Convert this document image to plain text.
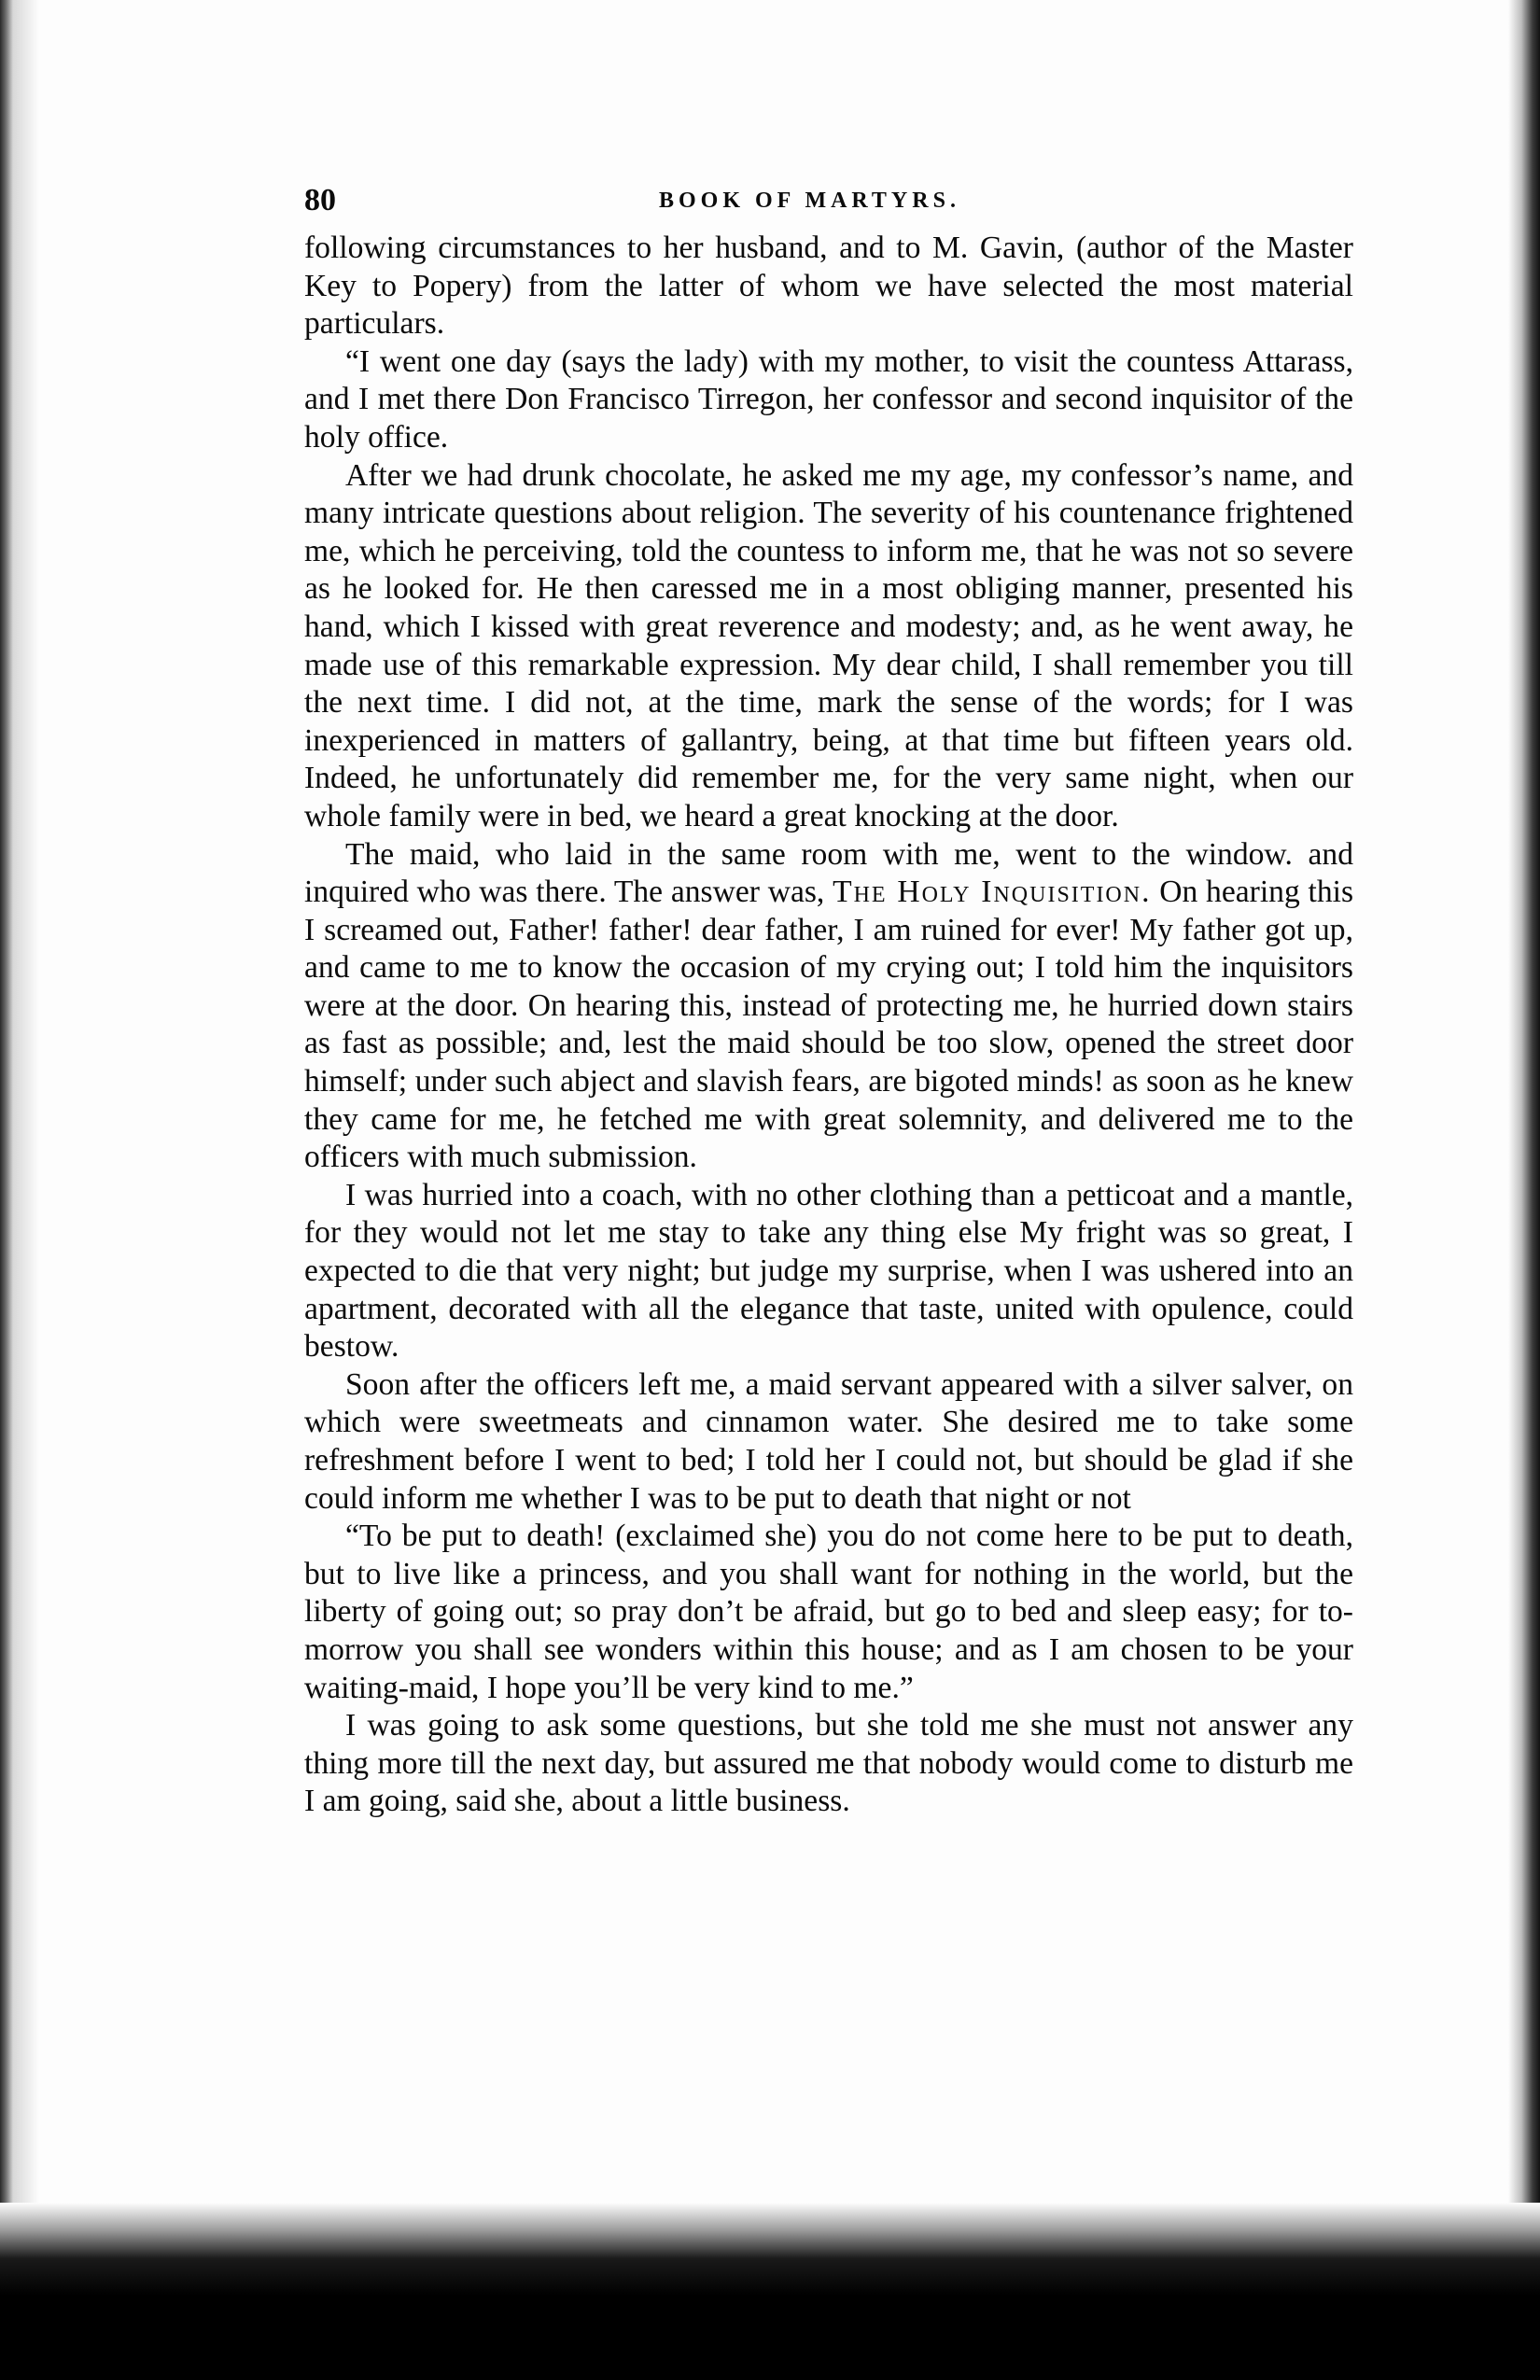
80	BOOK OF MARTYRS.

following circumstances to her husband, and to M. Gavin, (author of the Master Key to Popery) from the latter of whom we have selected the most material particulars.

“I went one day (says the lady) with my mother, to visit the countess Attarass, and I met there Don Francisco Tirregon, her confessor and second inquisitor of the holy office.

After we had drunk chocolate, he asked me my age, my confessor’s name, and many intricate questions about religion. The severity of his countenance frightened me, which he perceiving, told the countess to inform me, that he was not so severe as he looked for. He then caressed me in a most obliging manner, presented his hand, which I kissed with great reverence and modesty; and, as he went away, he made use of this remarkable expression. My dear child, I shall remember you till the next time. I did not, at the time, mark the sense of the words; for I was inexperienced in matters of gallantry, being, at that time but fifteen years old. Indeed, he unfortunately did remember me, for the very same night, when our whole family were in bed, we heard a great knocking at the door.

The maid, who laid in the same room with me, went to the window. and inquired who was there. The answer was, The Holy Inquisition. On hearing this I screamed out, Father! father! dear father, I am ruined for ever! My father got up, and came to me to know the occasion of my crying out; I told him the inquisitors were at the door. On hearing this, instead of protecting me, he hurried down stairs as fast as possible; and, lest the maid should be too slow, opened the street door himself; under such abject and slavish fears, are bigoted minds! as soon as he knew they came for me, he fetched me with great solemnity, and delivered me to the officers with much submission.

I was hurried into a coach, with no other clothing than a petticoat and a mantle, for they would not let me stay to take any thing else My fright was so great, I expected to die that very night; but judge my surprise, when I was ushered into an apartment, decorated with all the elegance that taste, united with opulence, could bestow.

Soon after the officers left me, a maid servant appeared with a silver salver, on which were sweetmeats and cinnamon water. She desired me to take some refreshment before I went to bed; I told her I could not, but should be glad if she could inform me whether I was to be put to death that night or not

“To be put to death! (exclaimed she) you do not come here to be put to death, but to live like a princess, and you shall want for nothing in the world, but the liberty of going out; so pray don’t be afraid, but go to bed and sleep easy; for to-morrow you shall see wonders within this house; and as I am chosen to be your waiting-maid, I hope you’ll be very kind to me.”

I was going to ask some questions, but she told me she must not answer any thing more till the next day, but assured me that nobody would come to disturb me I am going, said she, about a little business.
